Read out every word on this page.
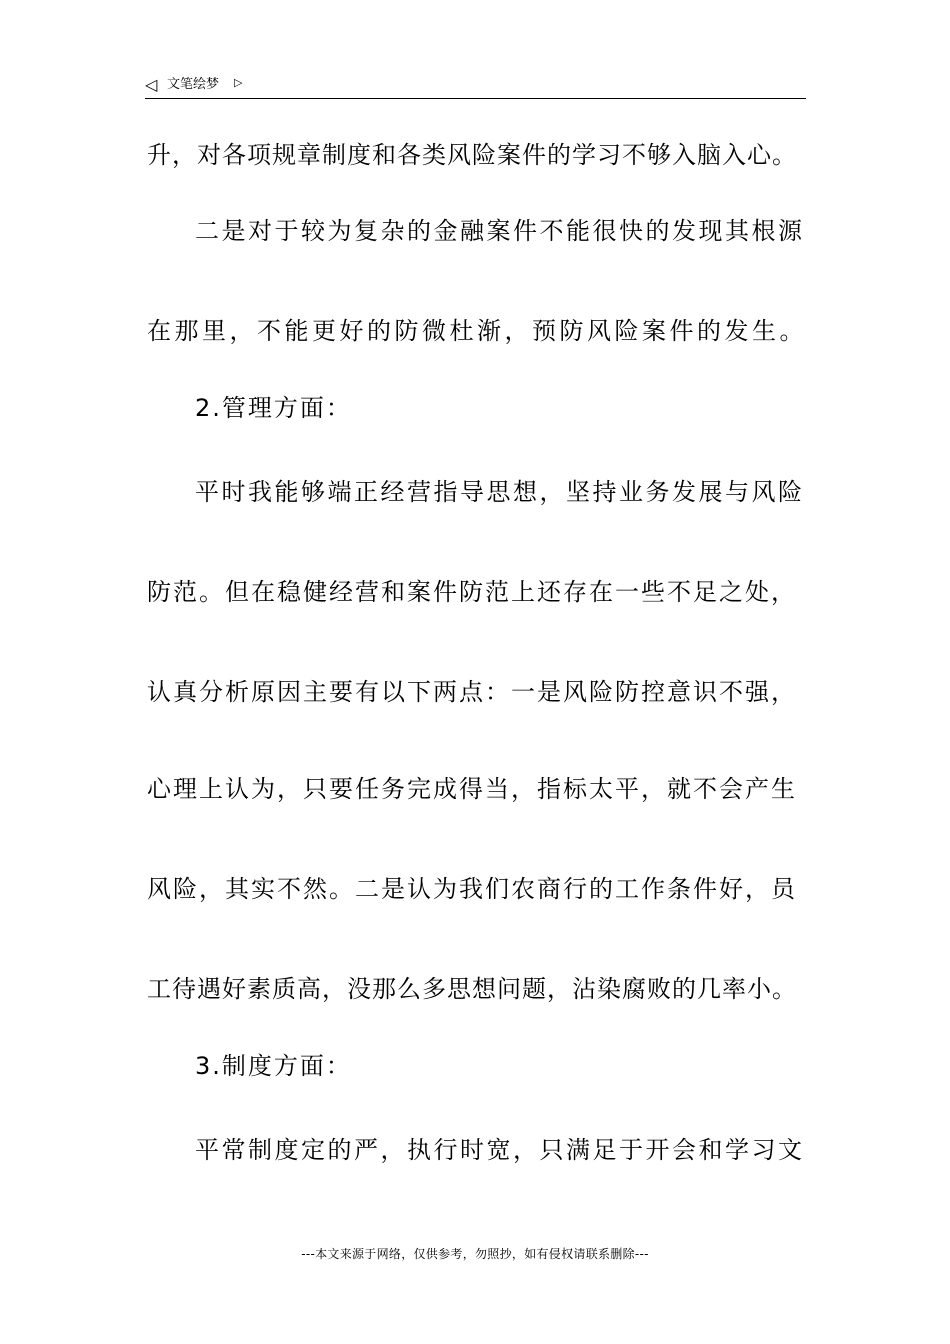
◁ 文笔绘梦 ▷
升，对各项规章制度和各类风险案件的学习不够入脑入心。
二是对于较为复杂的金融案件不能很快的发现其根源
在那里，不能更好的防微杜渐，预防风险案件的发生。
2.管理方面：
平时我能够端正经营指导思想，坚持业务发展与风险
防范。但在稳健经营和案件防范上还存在一些不足之处，
认真分析原因主要有以下两点：一是风险防控意识不强，
心理上认为，只要任务完成得当，指标太平，就不会产生
风险，其实不然。二是认为我们农商行的工作条件好，员
工待遇好素质高，没那么多思想问题，沾染腐败的几率小。
3.制度方面：
平常制度定的严，执行时宽，只满足于开会和学习文
---本文来源于网络，仅供参考，勿照抄，如有侵权请联系删除---
